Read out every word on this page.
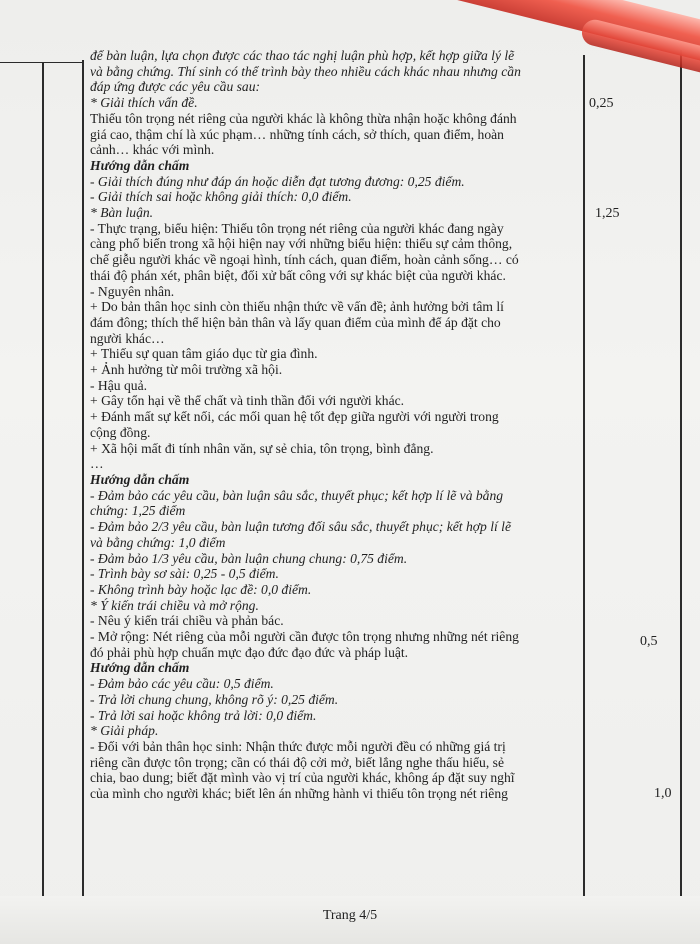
để bàn luận, lựa chọn được các thao tác nghị luận phù hợp, kết hợp giữa lý lẽ

và bằng chứng. Thí sinh có thể trình bày theo nhiều cách khác nhau nhưng cần

đáp ứng được các yêu cầu sau:

* Giải thích vấn đề.

Thiếu tôn trọng nét riêng của người khác là không thừa nhận hoặc không đánh

giá cao, thậm chí là xúc phạm… những tính cách, sở thích, quan điểm, hoàn

cảnh… khác với mình.

Hướng dẫn chấm

- Giải thích đúng như đáp án hoặc diễn đạt tương đương: 0,25 điểm.

- Giải thích sai hoặc không giải thích: 0,0 điểm.

* Bàn luận.

- Thực trạng, biểu hiện: Thiếu tôn trọng nét riêng của người khác đang ngày

càng phổ biến trong xã hội hiện nay với những biểu hiện: thiếu sự cảm thông,

chế giễu người khác về ngoại hình, tính cách, quan điểm, hoàn cảnh sống… có

thái độ phán xét, phân biệt, đối xử bất công với sự khác biệt của người khác.

- Nguyên nhân.

+ Do bản thân học sinh còn thiếu nhận thức về vấn đề; ảnh hưởng bởi tâm lí

đám đông; thích thể hiện bản thân và lấy quan điểm của mình để áp đặt cho

người khác…

+ Thiếu sự quan tâm giáo dục từ gia đình.

+ Ảnh hưởng từ môi trường xã hội.

- Hậu quả.

+ Gây tổn hại về thể chất và tinh thần đối với người khác.

+ Đánh mất sự kết nối, các mối quan hệ tốt đẹp giữa người với người trong

cộng đồng.

+ Xã hội mất đi tính nhân văn, sự sẻ chia, tôn trọng, bình đẳng.

…

Hướng dẫn chấm

- Đảm bảo các yêu cầu, bàn luận sâu sắc, thuyết phục; kết hợp lí lẽ và bằng

chứng: 1,25 điểm

- Đảm bảo 2/3 yêu cầu, bàn luận tương đối sâu sắc, thuyết phục; kết hợp lí lẽ

và bằng chứng: 1,0 điểm

- Đảm bảo 1/3 yêu cầu, bàn luận chung chung: 0,75 điểm.

- Trình bày sơ sài: 0,25 - 0,5 điểm.

- Không trình bày hoặc lạc đề: 0,0 điểm.

* Ý kiến trái chiều và mở rộng.

- Nêu ý kiến trái chiều và phản bác.

- Mở rộng: Nét riêng của mỗi người cần được tôn trọng nhưng những nét riêng

đó phải phù hợp chuẩn mực đạo đức đạo đức và pháp luật.

Hướng dẫn chấm

- Đảm bảo các yêu cầu: 0,5 điểm.

- Trả lời chung chung, không rõ ý: 0,25 điểm.

- Trả lời sai hoặc không trả lời: 0,0 điểm.

* Giải pháp.

- Đối với bản thân học sinh: Nhận thức được mỗi người đều có những giá trị

riêng cần được tôn trọng; cần có thái độ cởi mở, biết lắng nghe thấu hiểu, sẻ

chia, bao dung; biết đặt mình vào vị trí của người khác, không áp đặt suy nghĩ

của mình cho người khác; biết lên án những hành vi thiếu tôn trọng nét riêng

0,25
1,25
0,5
1,0
Trang 4/5
